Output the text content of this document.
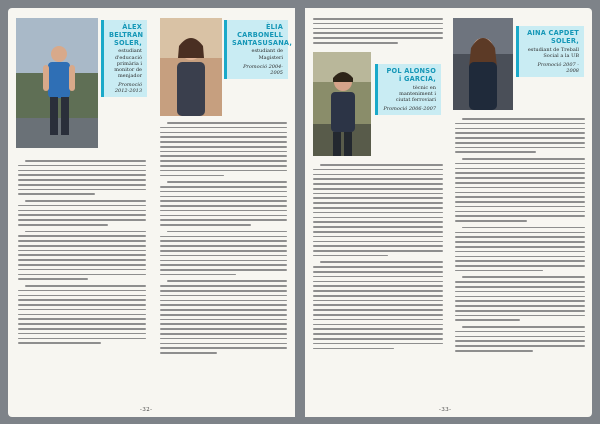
ÀLEX BELTRAN SOLER,
estudiant d'educació primària i monitor de menjador
Promoció 2012-2013
ÈLIA CARBONELL SANTASUSANA,
estudiant de Magisteri
Promoció 2004-2005
-32-
POL ALONSO i GARCIA,
tècnic en manteniment i ciutat ferroviari
Promoció 2006-2007
AINA CAPDET SOLER,
estudiant de Treball Social a la UB
Promoció 2007 - 2008
-33-
